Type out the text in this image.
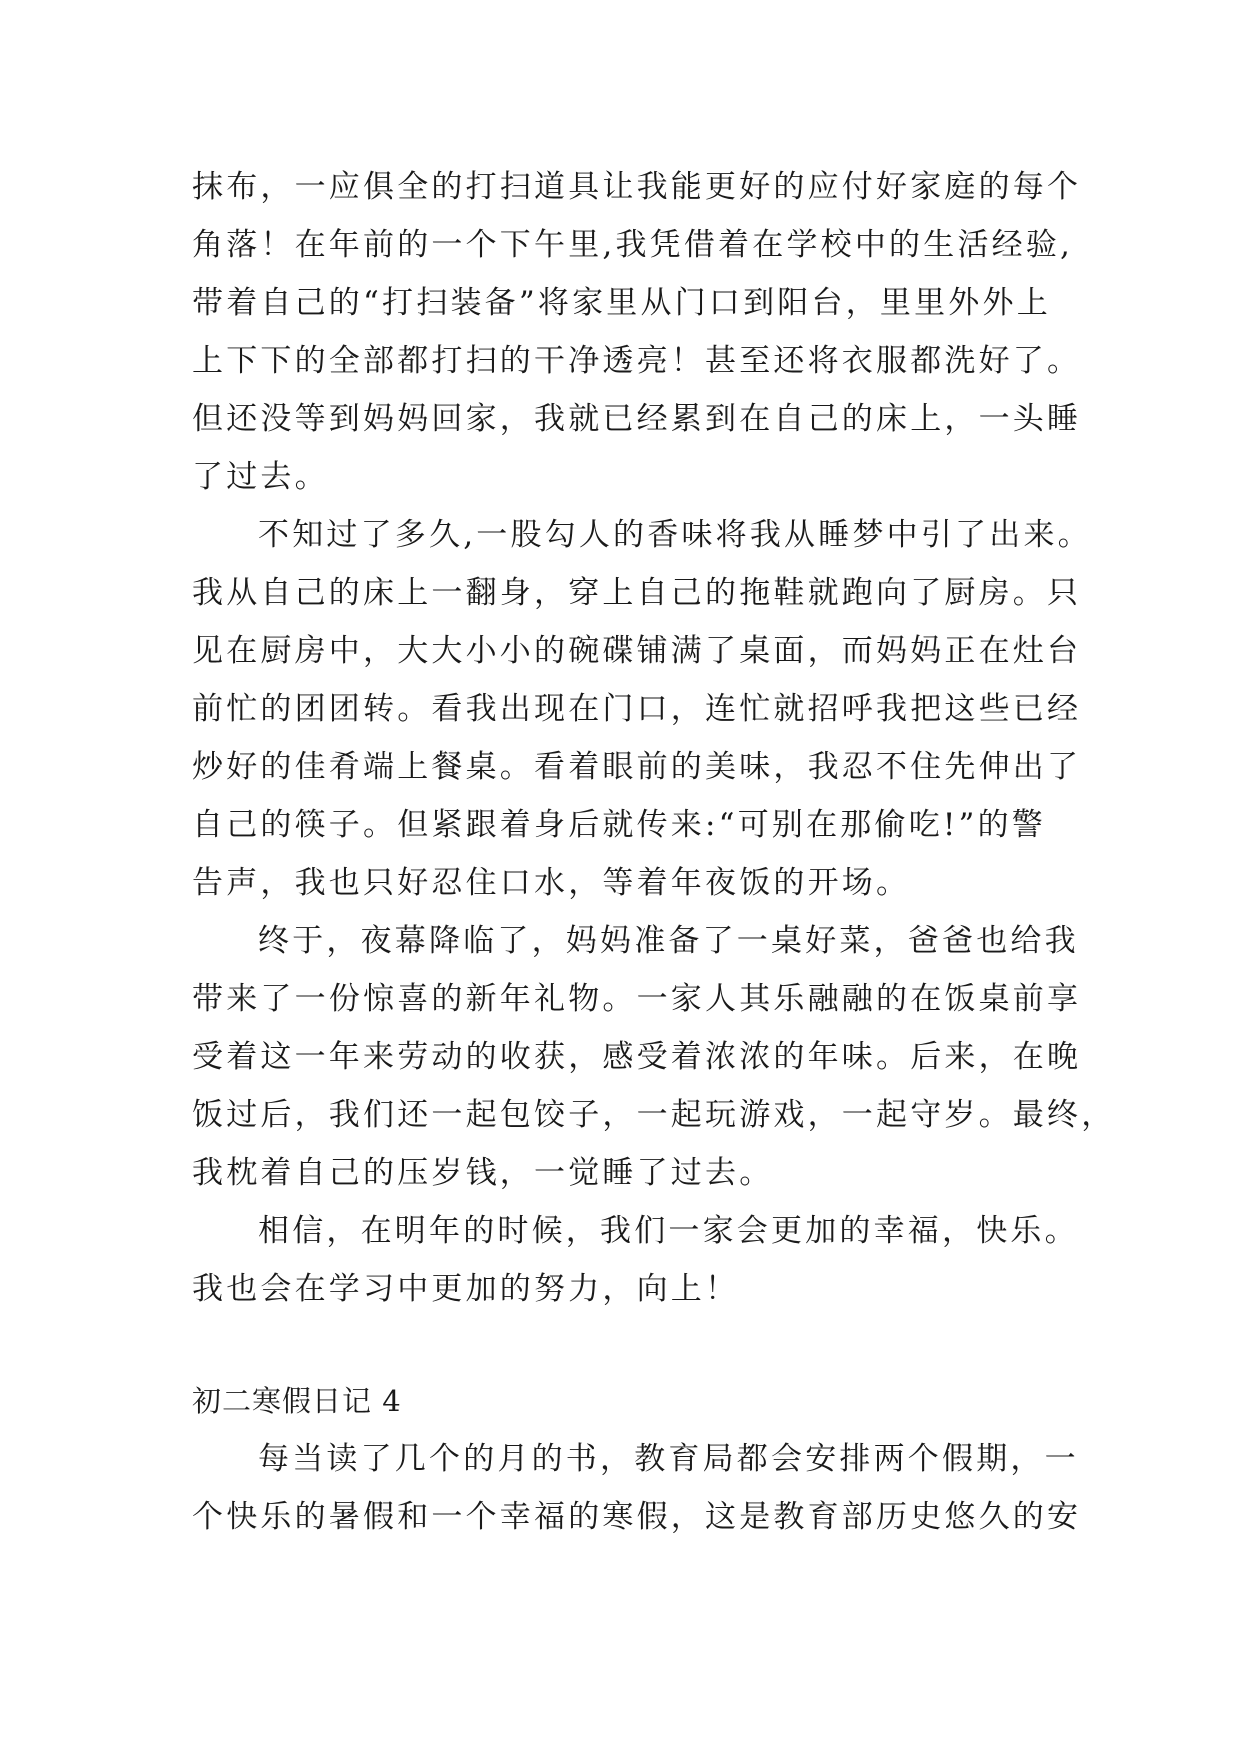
抹布，一应俱全的打扫道具让我能更好的应付好家庭的每个
角落！在年前的一个下午里,我凭借着在学校中的生活经验,
带着自己的“打扫装备”将家里从门口到阳台，里里外外上
上下下的全部都打扫的干净透亮！甚至还将衣服都洗好了。
但还没等到妈妈回家，我就已经累到在自己的床上，一头睡
了过去。
不知过了多久,一股勾人的香味将我从睡梦中引了出来。
我从自己的床上一翻身，穿上自己的拖鞋就跑向了厨房。只
见在厨房中，大大小小的碗碟铺满了桌面，而妈妈正在灶台
前忙的团团转。看我出现在门口，连忙就招呼我把这些已经
炒好的佳肴端上餐桌。看着眼前的美味，我忍不住先伸出了
自己的筷子。但紧跟着身后就传来:“可别在那偷吃!”的警
告声，我也只好忍住口水，等着年夜饭的开场。
终于，夜幕降临了，妈妈准备了一桌好菜，爸爸也给我
带来了一份惊喜的新年礼物。一家人其乐融融的在饭桌前享
受着这一年来劳动的收获，感受着浓浓的年味。后来，在晚
饭过后，我们还一起包饺子，一起玩游戏，一起守岁。最终，
我枕着自己的压岁钱，一觉睡了过去。
相信，在明年的时候，我们一家会更加的幸福，快乐。
我也会在学习中更加的努力，向上！
初二寒假日记 4
每当读了几个的月的书，教育局都会安排两个假期，一
个快乐的暑假和一个幸福的寒假，这是教育部历史悠久的安
